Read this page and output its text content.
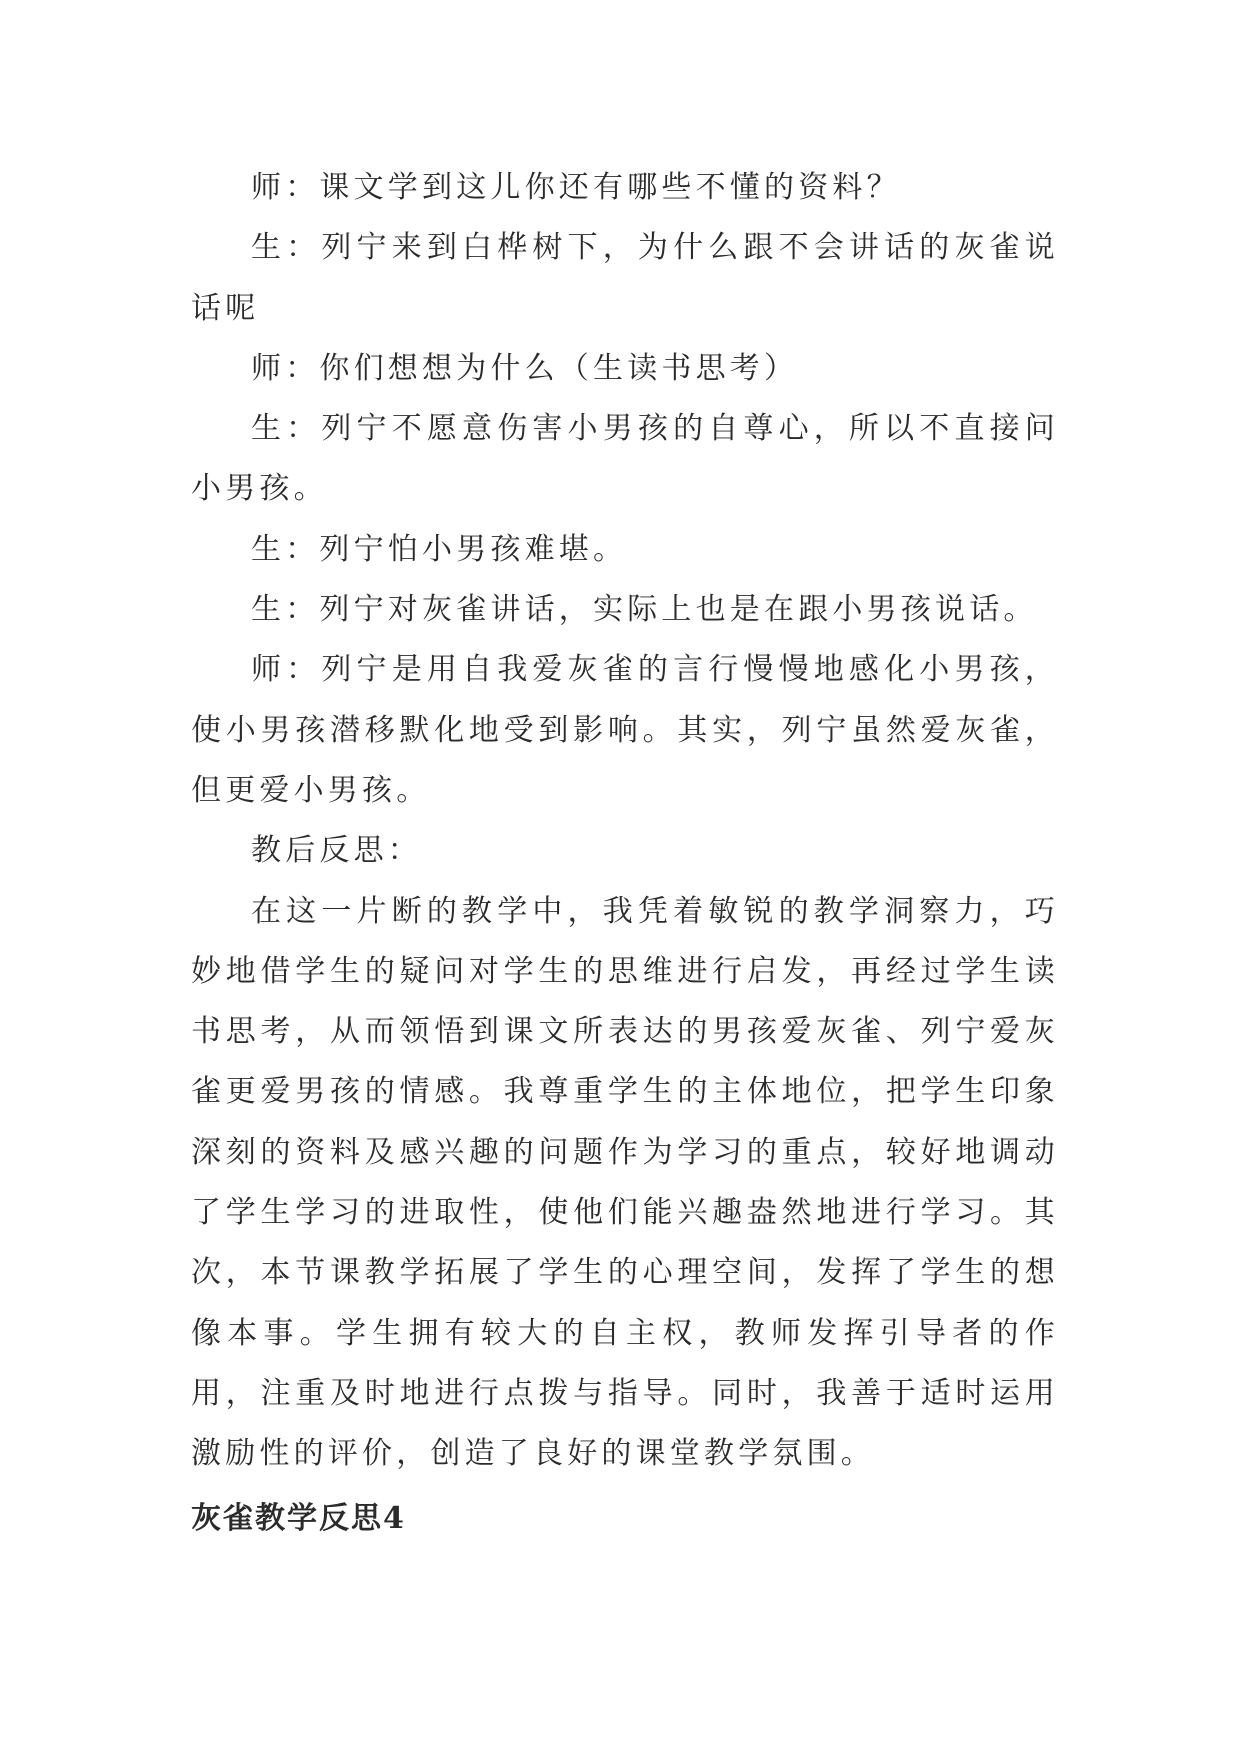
师：课文学到这儿你还有哪些不懂的资料？

生：列宁来到白桦树下，为什么跟不会讲话的灰雀说话呢

师：你们想想为什么（生读书思考）

生：列宁不愿意伤害小男孩的自尊心，所以不直接问小男孩。

生：列宁怕小男孩难堪。

生：列宁对灰雀讲话，实际上也是在跟小男孩说话。

师：列宁是用自我爱灰雀的言行慢慢地感化小男孩，使小男孩潜移默化地受到影响。其实，列宁虽然爱灰雀，但更爱小男孩。

教后反思：

在这一片断的教学中，我凭着敏锐的教学洞察力，巧妙地借学生的疑问对学生的思维进行启发，再经过学生读书思考，从而领悟到课文所表达的男孩爱灰雀、列宁爱灰雀更爱男孩的情感。我尊重学生的主体地位，把学生印象深刻的资料及感兴趣的问题作为学习的重点，较好地调动了学生学习的进取性，使他们能兴趣盎然地进行学习。其次，本节课教学拓展了学生的心理空间，发挥了学生的想像本事。学生拥有较大的自主权，教师发挥引导者的作用，注重及时地进行点拨与指导。同时，我善于适时运用激励性的评价，创造了良好的课堂教学氛围。

灰雀教学反思4
